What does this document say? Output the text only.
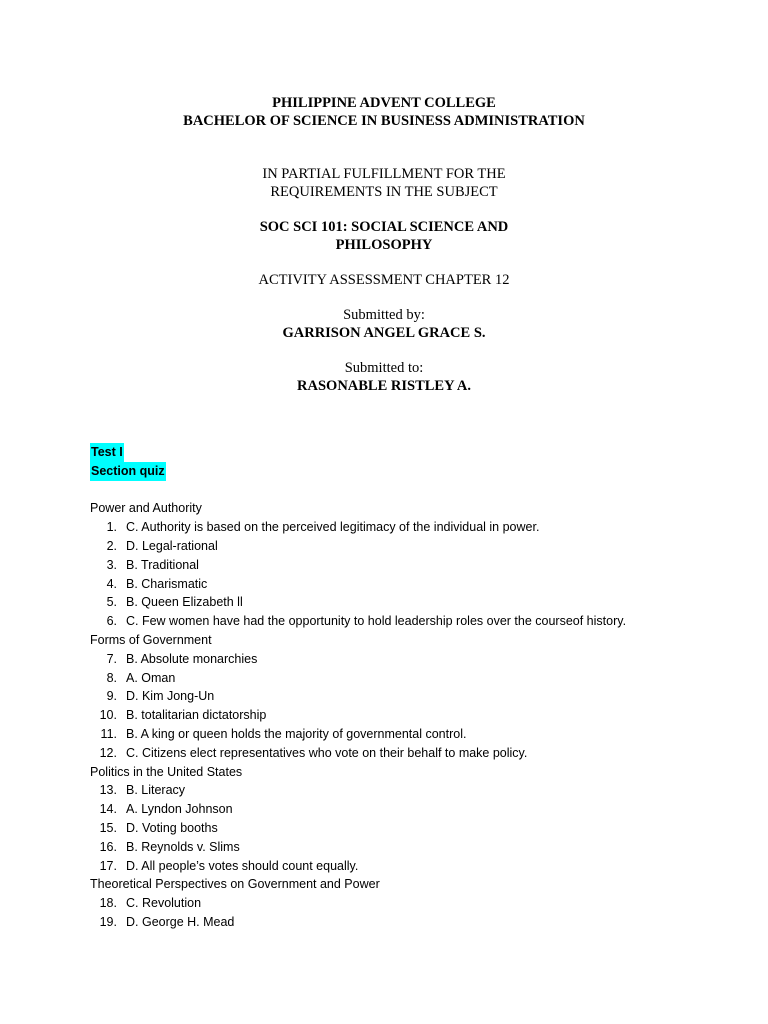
PHILIPPINE ADVENT COLLEGE
BACHELOR OF SCIENCE IN BUSINESS ADMINISTRATION
IN PARTIAL FULFILLMENT FOR THE
REQUIREMENTS IN THE SUBJECT
SOC SCI 101: SOCIAL SCIENCE AND
PHILOSOPHY
ACTIVITY ASSESSMENT CHAPTER 12
Submitted by:
GARRISON ANGEL GRACE S.
Submitted to:
RASONABLE RISTLEY A.
Test I
Section quiz
Power and Authority
1. C. Authority is based on the perceived legitimacy of the individual in power.
2. D. Legal-rational
3. B. Traditional
4. B. Charismatic
5. B. Queen Elizabeth ll
6. C. Few women have had the opportunity to hold leadership roles over the courseof history.
Forms of Government
7. B. Absolute monarchies
8. A. Oman
9. D. Kim Jong-Un
10. B. totalitarian dictatorship
11. B. A king or queen holds the majority of governmental control.
12. C. Citizens elect representatives who vote on their behalf to make policy.
Politics in the United States
13. B. Literacy
14. A. Lyndon Johnson
15. D. Voting booths
16. B. Reynolds v. Slims
17. D. All people’s votes should count equally.
Theoretical Perspectives on Government and Power
18. C. Revolution
19. D. George H. Mead
